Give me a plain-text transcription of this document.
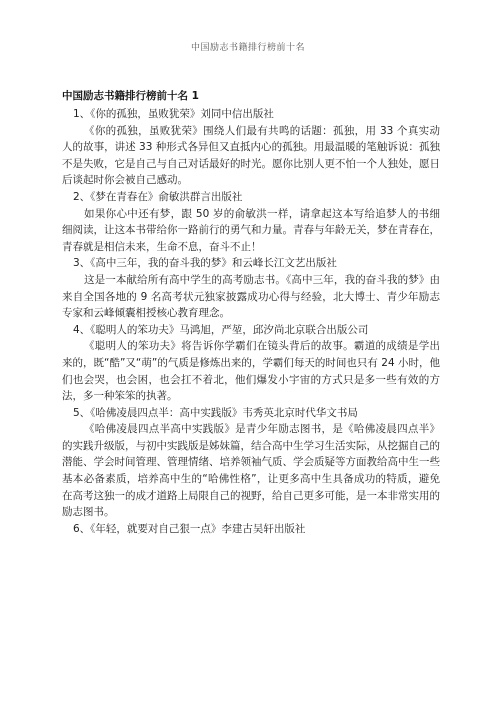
中国励志书籍排行榜前十名
中国励志书籍排行榜前十名 1

1、《你的孤独，虽败犹荣》刘同中信出版社

《你的孤独，虽败犹荣》围绕人们最有共鸣的话题：孤独，用 33 个真实动人的故事，讲述 33 种形式各异但又直抵内心的孤独。用最温暖的笔触诉说：孤独不是失败，它是自己与自己对话最好的时光。愿你比别人更不怕一个人独处，愿日后谈起时你会被自己感动。

2、《梦在青春在》俞敏洪群言出版社

如果你心中还有梦，跟 50 岁的俞敏洪一样，请拿起这本写给追梦人的书细细阅读，让这本书带给你一路前行的勇气和力量。青春与年龄无关，梦在青春在，青春就是相信未来，生命不息，奋斗不止！

3、《高中三年，我的奋斗我的梦》和云峰长江文艺出版社

这是一本献给所有高中学生的高考励志书。《高中三年，我的奋斗我的梦》由来自全国各地的 9 名高考状元独家披露成功心得与经验，北大博士、青少年励志专家和云峰倾囊相授核心教育理念。

4、《聪明人的笨功夫》马鸿旭，严堃，邱汐尚北京联合出版公司

《聪明人的笨功夫》将告诉你学霸们在镜头背后的故事。霸道的成绩是学出来的，既“酷”又“萌”的气质是修炼出来的，学霸们每天的时间也只有 24 小时，他们也会哭，也会困，也会扛不着北，他们爆发小宇宙的方式只是多一些有效的方法，多一种笨笨的执著。

5、《哈佛凌晨四点半：高中实践版》韦秀英北京时代华文书局

《哈佛凌晨四点半高中实践版》是青少年励志图书，是《哈佛凌晨四点半》的实践升级版，与初中实践版是姊妹篇，结合高中生学习生活实际，从挖掘自己的潜能、学会时间管理、管理情绪、培养领袖气质、学会质疑等方面教给高中生一些基本必备素质，培养高中生的“哈佛性格”，让更多高中生具备成功的特质，避免在高考这独一的成才道路上局限自己的视野，给自己更多可能，是一本非常实用的励志图书。

6、《年轻，就要对自己狠一点》李建古吴轩出版社
